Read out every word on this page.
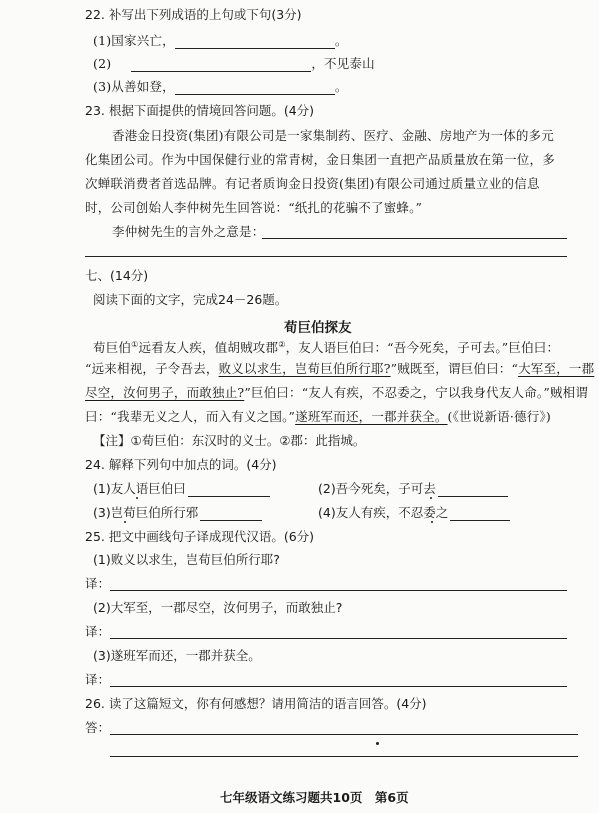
22. 补写出下列成语的上句或下句(3分)
(1)国家兴亡，	。
(2)	，不见泰山
(3)从善如登，	。
23. 根据下面提供的情境回答问题。(4分)
香港金日投资(集团)有限公司是一家集制药、医疗、金融、房地产为一体的多元
化集团公司。作为中国保健行业的常青树，金日集团一直把产品质量放在第一位，多
次蝉联消费者首选品牌。有记者质询金日投资(集团)有限公司通过质量立业的信息
时，公司创始人李仲树先生回答说：“纸扎的花骗不了蜜蜂。”
李仲树先生的言外之意是：
七、(14分)
阅读下面的文字，完成24－26题。
荀巨伯探友
荀巨伯①远看友人疾，值胡贼攻郡②，友人语巨伯曰：“吾今死矣，子可去。”巨伯曰：
“远来相视，子令吾去，败义以求生，岂荀巨伯所行耶?”贼既至，谓巨伯曰：“大军至，一郡
尽空，汝何男子，而敢独止?”巨伯曰：“友人有疾，不忍委之，宁以我身代友人命。”贼相谓
曰：“我辈无义之人，而入有义之国。”遂班军而还，一郡并获全。(《世说新语·德行》)
【注】①荀巨伯：东汉时的义士。②郡：此指城。
24. 解释下列句中加点的词。(4分)
(1)友人语巨伯曰	(2)吾今死矣，子可去
(3)岂荀巨伯所行邪	(4)友人有疾，不忍委之
25. 把文中画线句子译成现代汉语。(6分)
(1)败义以求生，岂荀巨伯所行耶?
译：
(2)大军至，一郡尽空，汝何男子，而敢独止?
译：
(3)遂班军而还，一郡并获全。
译：
26. 读了这篇短文，你有何感想？请用简洁的语言回答。(4分)
答：
七年级语文练习题共10页　第6页
